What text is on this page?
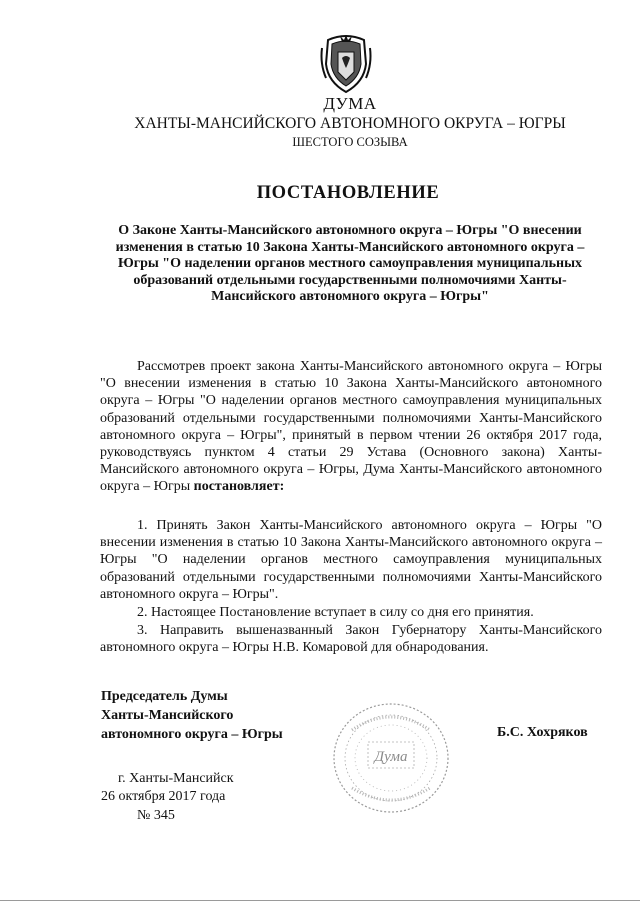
ДУМА
ХАНТЫ-МАНСИЙСКОГО АВТОНОМНОГО ОКРУГА – ЮГРЫ
ШЕСТОГО СОЗЫВА
ПОСТАНОВЛЕНИЕ
О Законе Ханты-Мансийского автономного округа – Югры "О внесении изменения в статью 10 Закона Ханты-Мансийского автономного округа – Югры "О наделении органов местного самоуправления муниципальных образований отдельными государственными полномочиями Ханты-Мансийского автономного округа – Югры"
Рассмотрев проект закона Ханты-Мансийского автономного округа – Югры "О внесении изменения в статью 10 Закона Ханты-Мансийского автономного округа – Югры "О наделении органов местного самоуправления муниципальных образований отдельными государственными полномочиями Ханты-Мансийского автономного округа – Югры", принятый в первом чтении 26 октября 2017 года, руководствуясь пунктом 4 статьи 29 Устава (Основного закона) Ханты-Мансийского автономного округа – Югры, Дума Ханты-Мансийского автономного округа – Югры постановляет:
1. Принять Закон Ханты-Мансийского автономного округа – Югры "О внесении изменения в статью 10 Закона Ханты-Мансийского автономного округа – Югры "О наделении органов местного самоуправления муниципальных образований отдельными государственными полномочиями Ханты-Мансийского автономного округа – Югры".
2. Настоящее Постановление вступает в силу со дня его принятия.
3. Направить вышеназванный Закон Губернатору Ханты-Мансийского автономного округа – Югры Н.В. Комаровой для обнародования.
Председатель Думы
Ханты-Мансийского
автономного округа – Югры
Дума
Б.С. Хохряков
г. Ханты-Мансийск
26 октября 2017 года
№ 345
